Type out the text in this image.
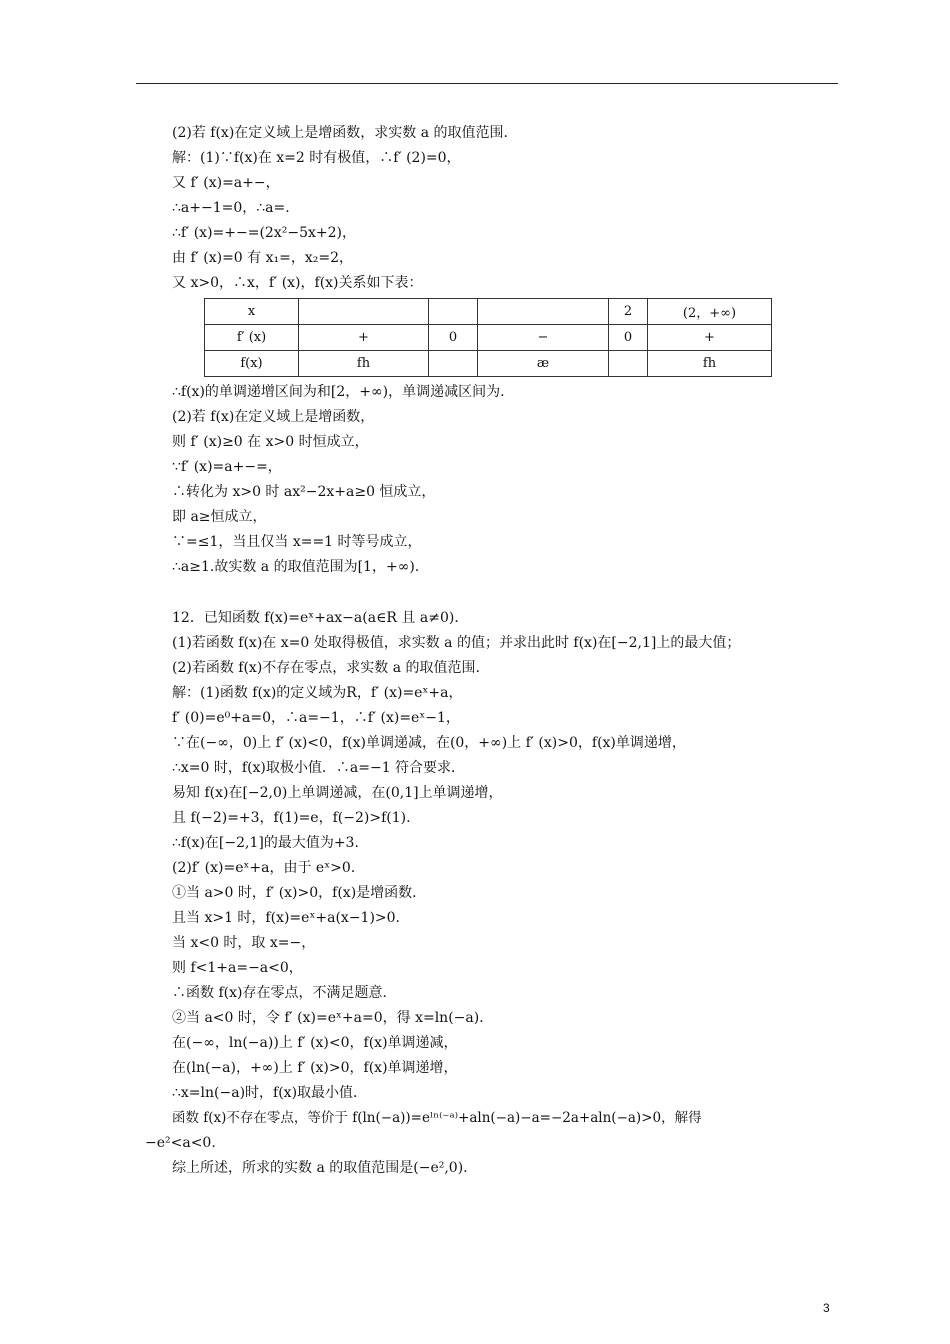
(2)若 f(x)在定义域上是增函数，求实数 a 的取值范围.
解：(1)∵f(x)在 x=2 时有极值，∴f′ (2)=0，
又 f′ (x)=a+−，
∴a+−1=0，∴a=.
∴f′ (x)=+−=(2x²−5x+2)，
由 f′ (x)=0 有 x₁=，x₂=2，
又 x>0，∴x，f′ (x)，f(x)关系如下表：
x				2	(2，+∞)
f′ (x)	+	0	−	0	+
f(x)	fh		æ		fh
∴f(x)的单调递增区间为和[2，+∞)，单调递减区间为.
(2)若 f(x)在定义域上是增函数，
则 f′ (x)≥0 在 x>0 时恒成立，
∵f′ (x)=a+−=，
∴转化为 x>0 时 ax²−2x+a≥0 恒成立，
即 a≥恒成立，
∵=≤1，当且仅当 x==1 时等号成立，
∴a≥1.故实数 a 的取值范围为[1，+∞).
12．已知函数 f(x)=eˣ+ax−a(a∈R 且 a≠0)．
(1)若函数 f(x)在 x=0 处取得极值，求实数 a 的值；并求出此时 f(x)在[−2,1]上的最大值；
(2)若函数 f(x)不存在零点，求实数 a 的取值范围.
解：(1)函数 f(x)的定义域为R，f′ (x)=eˣ+a，
f′ (0)=e⁰+a=0，∴a=−1，∴f′ (x)=eˣ−1，
∵在(−∞，0)上 f′ (x)<0，f(x)单调递减，在(0，+∞)上 f′ (x)>0，f(x)单调递增，
∴x=0 时，f(x)取极小值．∴a=−1 符合要求．
易知 f(x)在[−2,0)上单调递减，在(0,1]上单调递增，
且 f(−2)=+3，f(1)=e，f(−2)>f(1).
∴f(x)在[−2,1]的最大值为+3.
(2)f′ (x)=eˣ+a，由于 eˣ>0.
①当 a>0 时，f′ (x)>0，f(x)是增函数．
且当 x>1 时，f(x)=eˣ+a(x−1)>0.
当 x<0 时，取 x=−，
则 f<1+a=−a<0，
∴函数 f(x)存在零点，不满足题意．
②当 a<0 时，令 f′ (x)=eˣ+a=0，得 x=ln(−a)．
在(−∞，ln(−a))上 f′ (x)<0，f(x)单调递减，
在(ln(−a)，+∞)上 f′ (x)>0，f(x)单调递增，
∴x=ln(−a)时，f(x)取最小值．
函数 f(x)不存在零点，等价于 f(ln(−a))=eˡⁿ⁽⁻ᵃ⁾+aln(−a)−a=−2a+aln(−a)>0，解得
−e²<a<0.
综上所述，所求的实数 a 的取值范围是(−e²,0).
3
